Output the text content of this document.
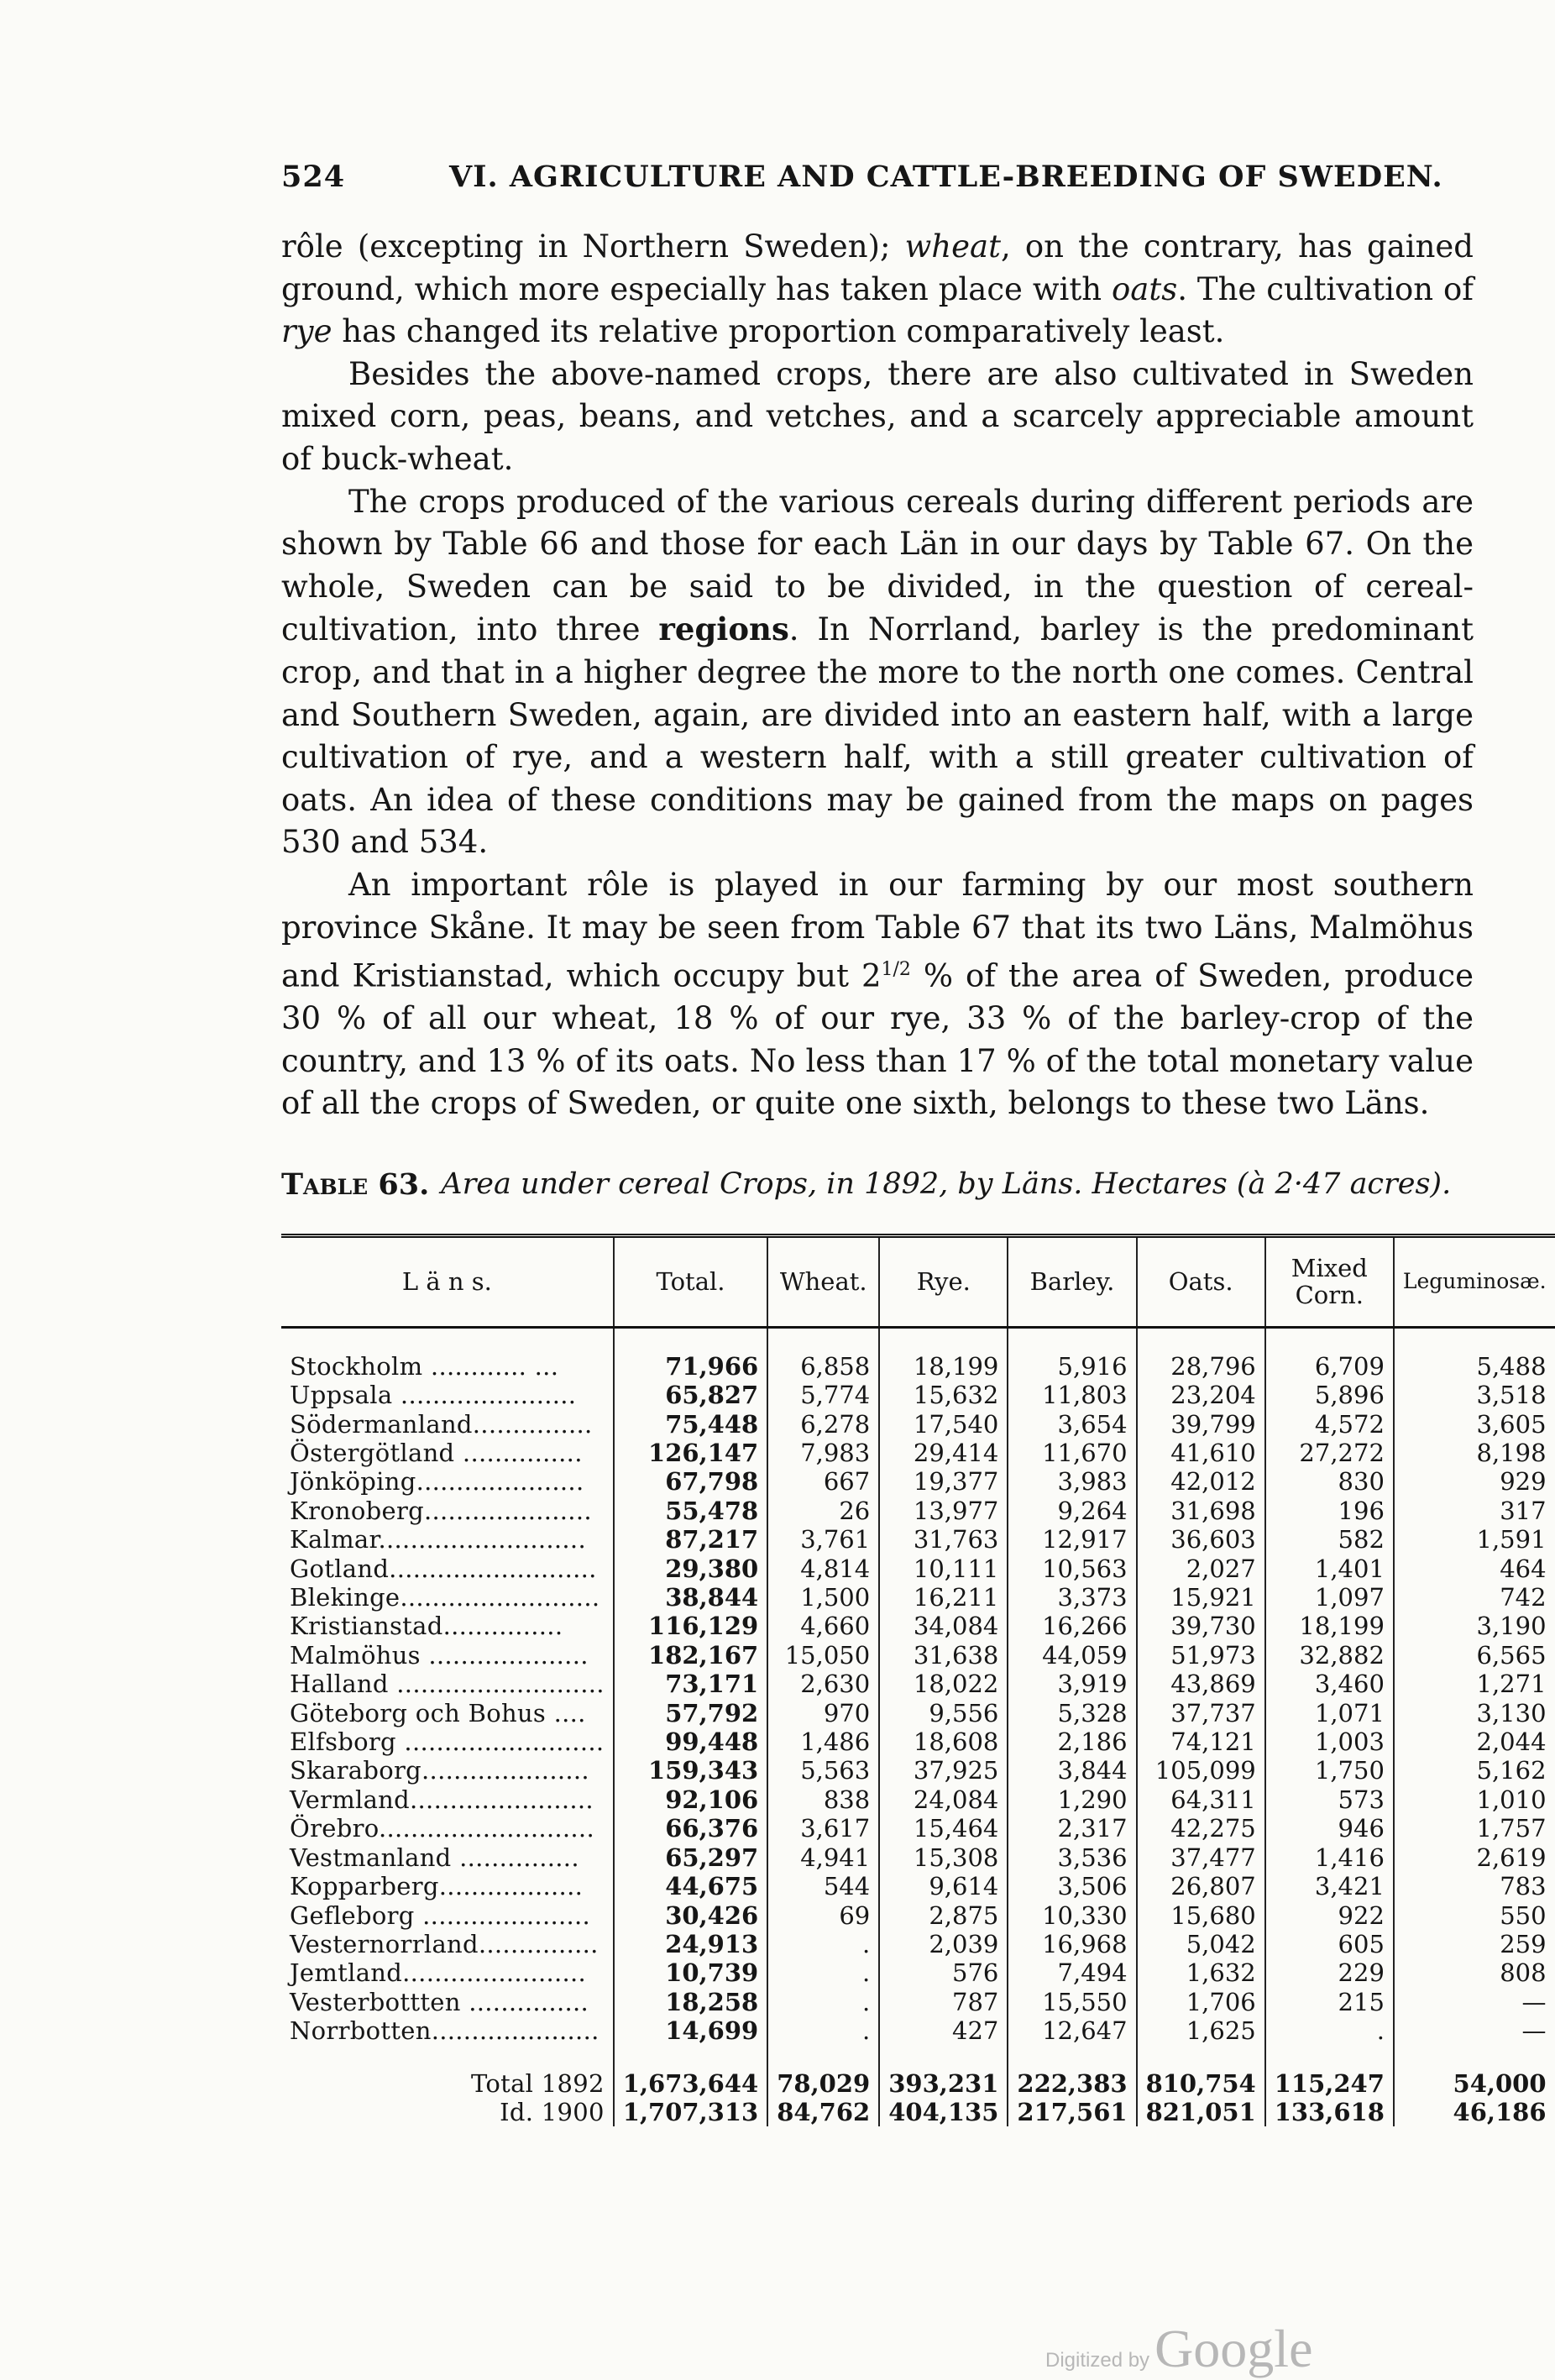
524	VI. AGRICULTURE AND CATTLE-BREEDING OF SWEDEN.

rôle (excepting in Northern Sweden); wheat, on the contrary, has gained ground, which more especially has taken place with oats. The cultivation of rye has changed its relative proportion comparatively least.

Besides the above-named crops, there are also cultivated in Sweden mixed corn, peas, beans, and vetches, and a scarcely appreciable amount of buck-wheat.

The crops produced of the various cereals during different periods are shown by Table 66 and those for each Län in our days by Table 67. On the whole, Sweden can be said to be divided, in the question of cereal-cultivation, into three regions. In Norrland, barley is the predominant crop, and that in a higher degree the more to the north one comes. Central and Southern Sweden, again, are divided into an eastern half, with a large cultivation of rye, and a western half, with a still greater cultivation of oats. An idea of these conditions may be gained from the maps on pages 530 and 534.

An important rôle is played in our farming by our most southern province Skåne. It may be seen from Table 67 that its two Läns, Malmöhus and Kristianstad, which occupy but $2^{1/2}$ % of the area of Sweden, produce 30 % of all our wheat, 18 % of our rye, 33 % of the barley-crop of the country, and 13 % of its oats. No less than 17 % of the total monetary value of all the crops of Sweden, or quite one sixth, belongs to these two Läns.

Table 63. Area under cereal Crops, in 1892, by Läns. Hectares (à 2·47 acres).
L ä n s.	Total.	Wheat.	Rye.	Barley.	Oats.	Mixed Corn.	Leguminosæ.

Stockholm ............ ...	71,966	6,858	18,199	5,916	28,796	6,709	5,488
Uppsala ......................	65,827	5,774	15,632	11,803	23,204	5,896	3,518
Södermanland...............	75,448	6,278	17,540	3,654	39,799	4,572	3,605
Östergötland ...............	126,147	7,983	29,414	11,670	41,610	27,272	8,198
Jönköping.....................	67,798	667	19,377	3,983	42,012	830	929
Kronoberg.....................	55,478	26	13,977	9,264	31,698	196	317
Kalmar..........................	87,217	3,761	31,763	12,917	36,603	582	1,591
Gotland..........................	29,380	4,814	10,111	10,563	2,027	1,401	464
Blekinge.........................	38,844	1,500	16,211	3,373	15,921	1,097	742
Kristianstad...............	116,129	4,660	34,084	16,266	39,730	18,199	3,190
Malmöhus ....................	182,167	15,050	31,638	44,059	51,973	32,882	6,565
Halland ..........................	73,171	2,630	18,022	3,919	43,869	3,460	1,271
Göteborg och Bohus ....	57,792	970	9,556	5,328	37,737	1,071	3,130
Elfsborg .........................	99,448	1,486	18,608	2,186	74,121	1,003	2,044
Skaraborg.....................	159,343	5,563	37,925	3,844	105,099	1,750	5,162
Vermland.......................	92,106	838	24,084	1,290	64,311	573	1,010
Örebro...........................	66,376	3,617	15,464	2,317	42,275	946	1,757
Vestmanland ...............	65,297	4,941	15,308	3,536	37,477	1,416	2,619
Kopparberg..................	44,675	544	9,614	3,506	26,807	3,421	783
Gefleborg .....................	30,426	69	2,875	10,330	15,680	922	550
Vesternorrland...............	24,913	.	2,039	16,968	5,042	605	259
Jemtland.......................	10,739	.	576	7,494	1,632	229	808
Vesterbottten ...............	18,258	.	787	15,550	1,706	215	—
Norrbotten.....................	14,699	.	427	12,647	1,625	.	—

Total 1892	1,673,644	78,029	393,231	222,383	810,754	115,247	54,000
Id. 1900	1,707,313	84,762	404,135	217,561	821,051	133,618	46,186
Digitized by Google
